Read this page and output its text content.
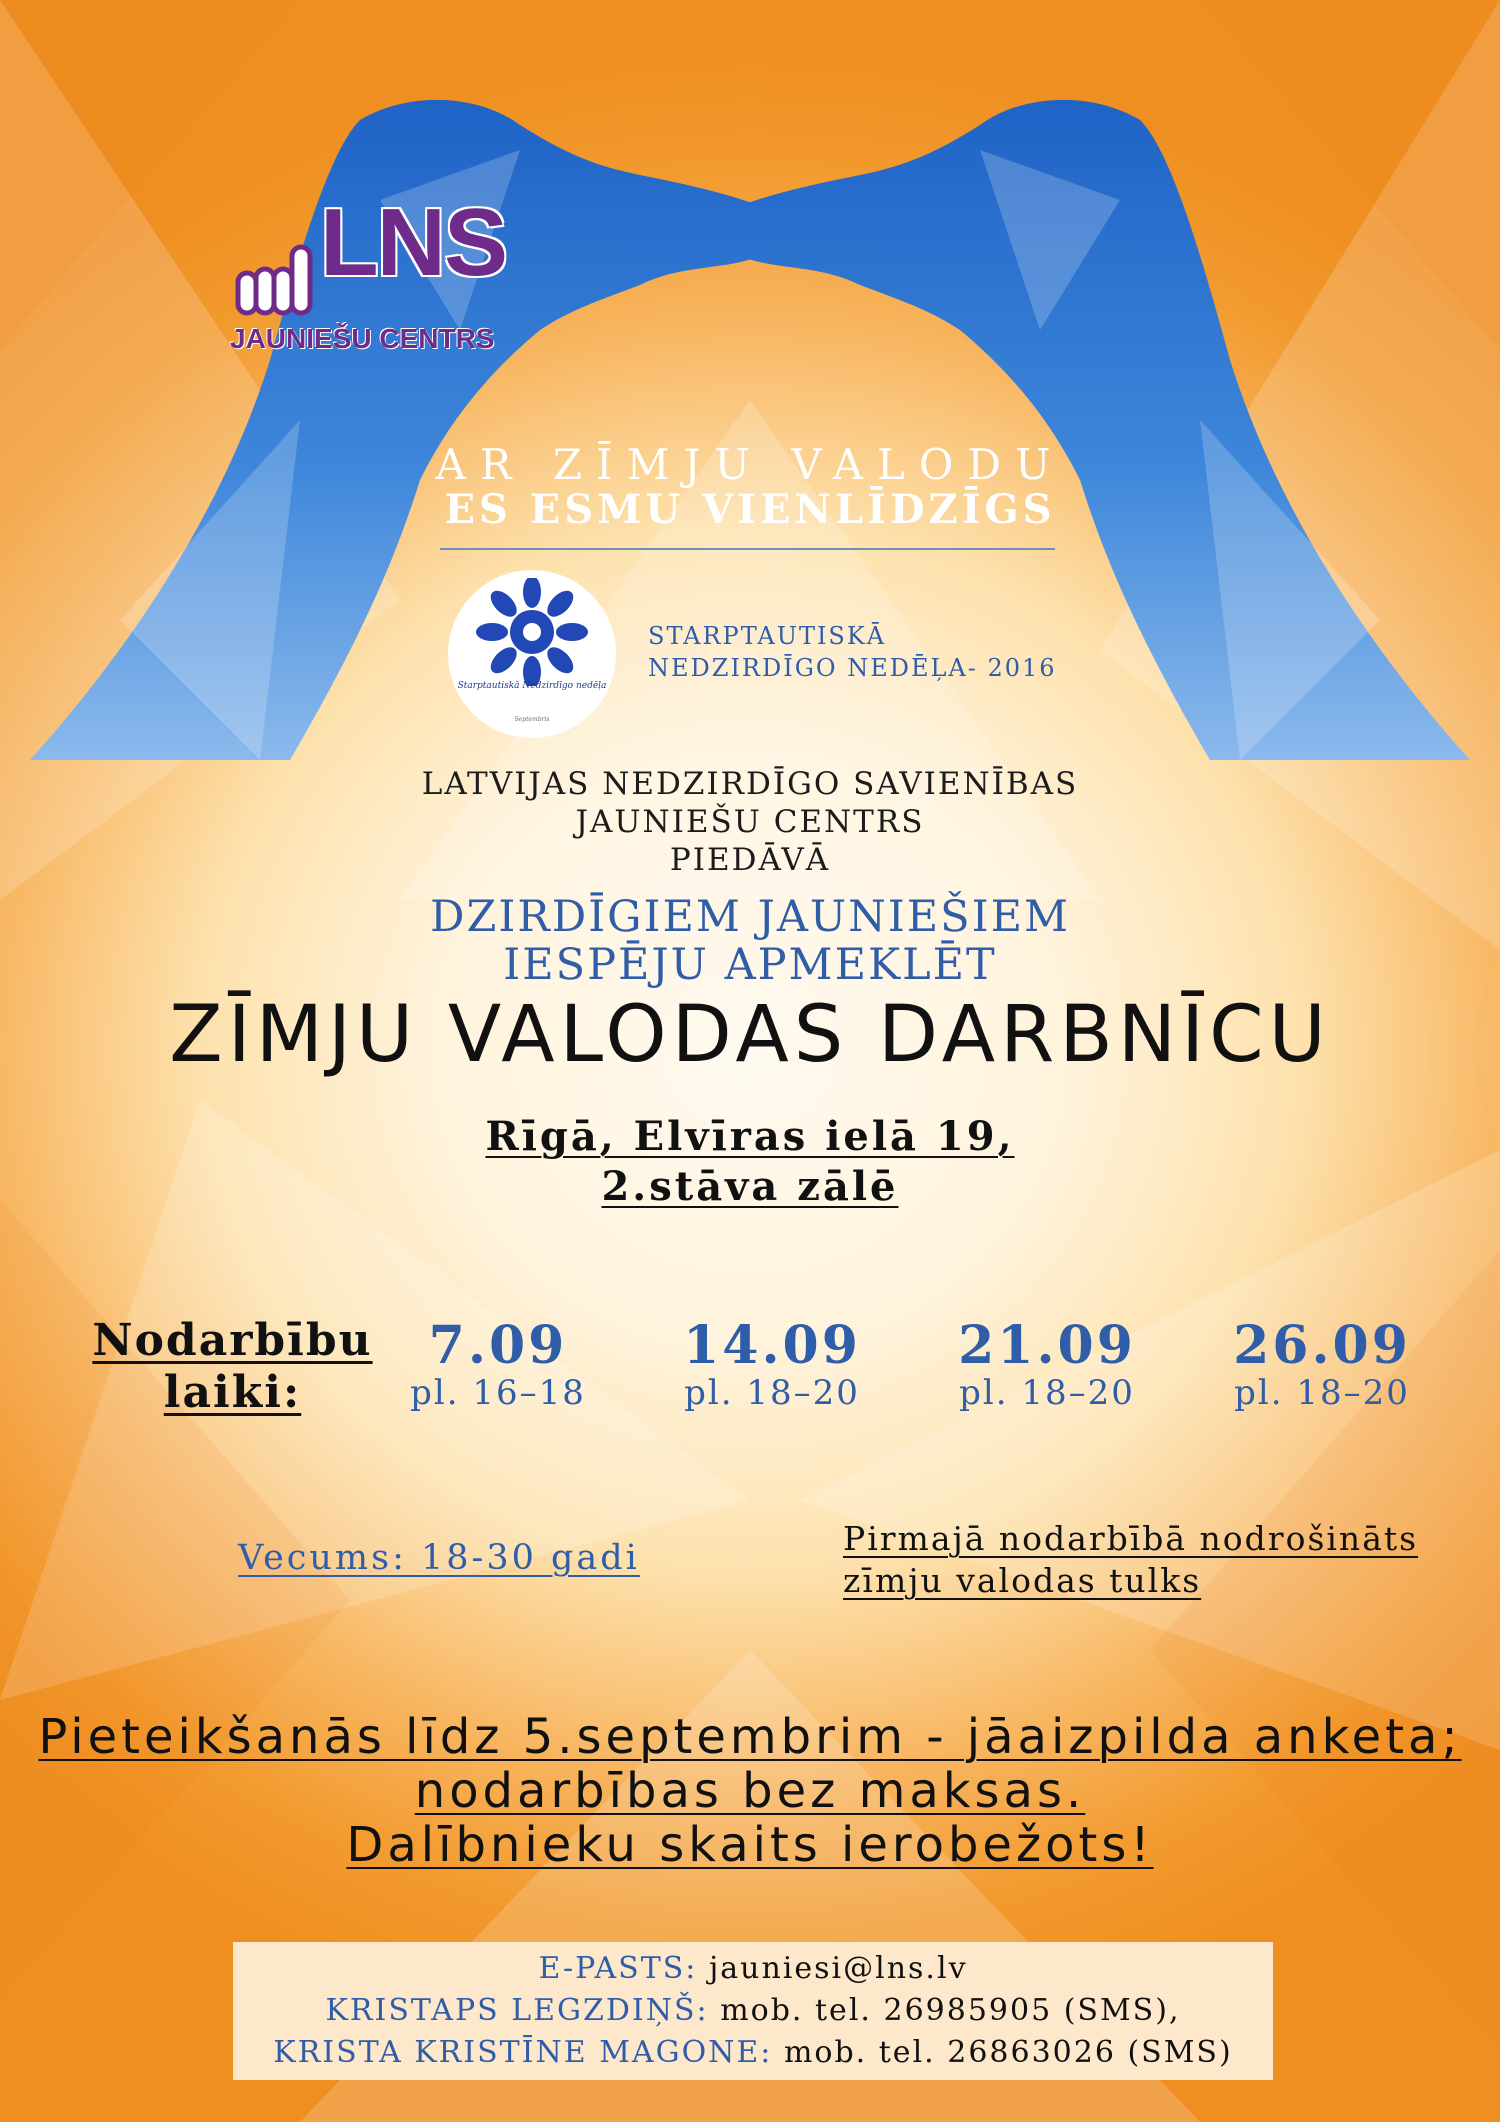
LNS
JAUNIEŠU CENTRS
AR ZĪMJU VALODU
ES ESMU VIENLĪDZĪGS
Starptautiskā Nedzirdīgo nedēļa
Septembris
STARPTAUTISKĀ
NEDZIRDĪGO NEDĒĻA- 2016
LATVIJAS NEDZIRDĪGO SAVIENĪBAS
JAUNIEŠU CENTRS
PIEDĀVĀ
DZIRDĪGIEM JAUNIEŠIEM
IESPĒJU APMEKLĒT
ZĪMJU VALODAS DARBNĪCU
Rīgā, Elvīras ielā 19,
2.stāva zālē
Nodarbību
laiki:
7.09
pl. 16–18
14.09
pl. 18–20
21.09
pl. 18–20
26.09
pl. 18–20
Vecums: 18-30 gadi	Pirmajā nodarbībā nodrošināts
zīmju valodas tulks
Pieteikšanās līdz 5.septembrim - jāaizpilda anketa;
nodarbības bez maksas.
Dalībnieku skaits ierobežots!
E-PASTS: jauniesi@lns.lv
KRISTAPS LEGZDIŅŠ: mob. tel. 26985905 (SMS),
KRISTA KRISTĪNE MAGONE: mob. tel. 26863026 (SMS)
